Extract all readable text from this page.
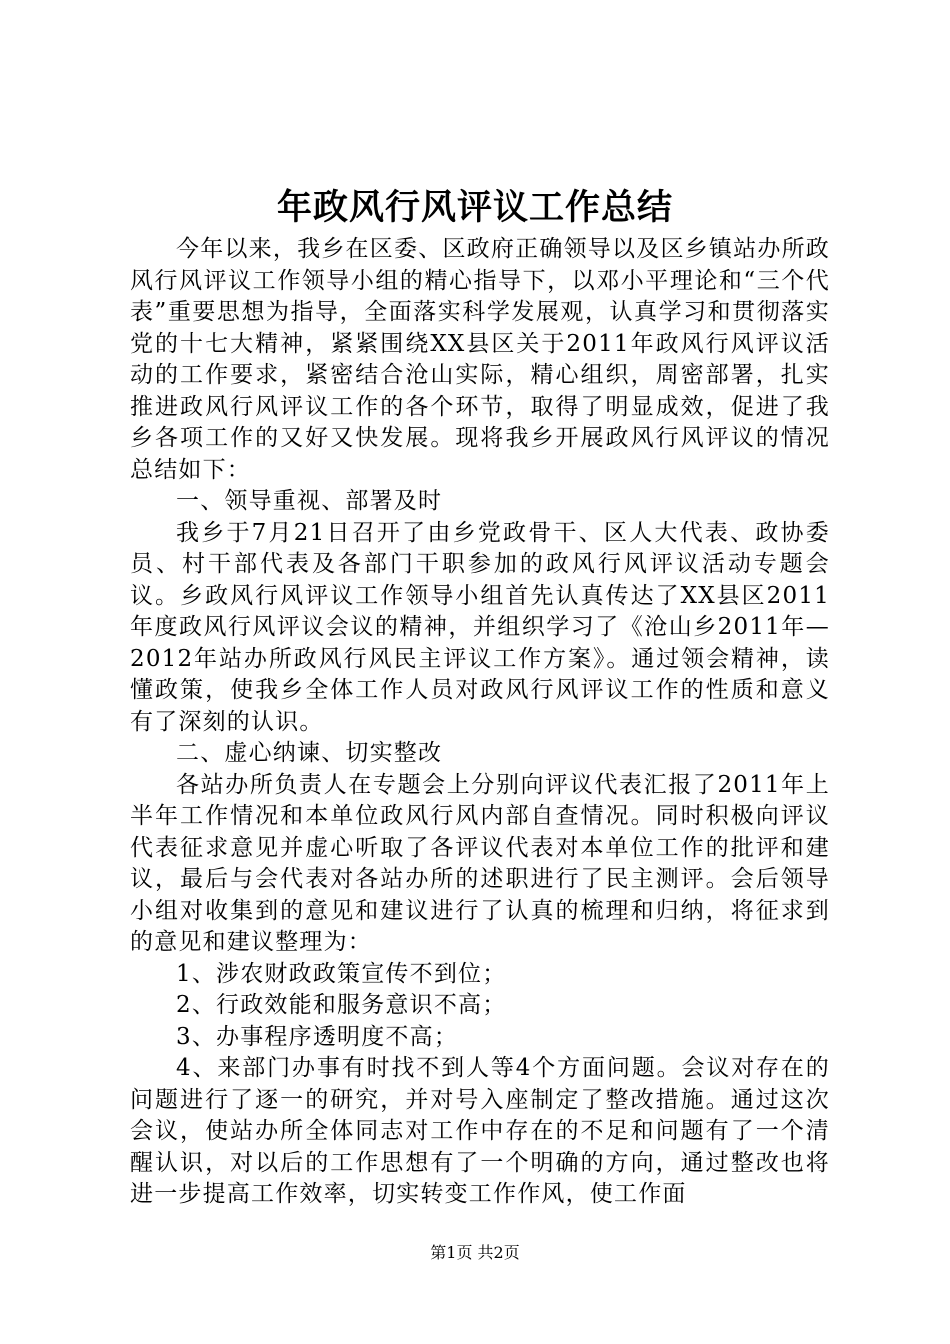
年政风行风评议工作总结

今年以来，我乡在区委、区政府正确领导以及区乡镇站办所政风行风评议工作领导小组的精心指导下，以邓小平理论和“三个代表”重要思想为指导，全面落实科学发展观，认真学习和贯彻落实党的十七大精神，紧紧围绕XX县区关于2011年政风行风评议活动的工作要求，紧密结合沧山实际，精心组织，周密部署，扎实推进政风行风评议工作的各个环节，取得了明显成效，促进了我乡各项工作的又好又快发展。现将我乡开展政风行风评议的情况总结如下：

一、领导重视、部署及时

我乡于7月21日召开了由乡党政骨干、区人大代表、政协委员、村干部代表及各部门干职参加的政风行风评议活动专题会议。乡政风行风评议工作领导小组首先认真传达了XX县区2011年度政风行风评议会议的精神，并组织学习了《沧山乡2011年—2012年站办所政风行风民主评议工作方案》。通过领会精神，读懂政策，使我乡全体工作人员对政风行风评议工作的性质和意义有了深刻的认识。

二、虚心纳谏、切实整改

各站办所负责人在专题会上分别向评议代表汇报了2011年上半年工作情况和本单位政风行风内部自查情况。同时积极向评议代表征求意见并虚心听取了各评议代表对本单位工作的批评和建议，最后与会代表对各站办所的述职进行了民主测评。会后领导小组对收集到的意见和建议进行了认真的梳理和归纳，将征求到的意见和建议整理为：

1、涉农财政政策宣传不到位；

2、行政效能和服务意识不高；

3、办事程序透明度不高；

4、来部门办事有时找不到人等4个方面问题。会议对存在的问题进行了逐一的研究，并对号入座制定了整改措施。通过这次会议，使站办所全体同志对工作中存在的不足和问题有了一个清醒认识，对以后的工作思想有了一个明确的方向，通过整改也将进一步提高工作效率，切实转变工作作风，使工作面

第1页 共2页
